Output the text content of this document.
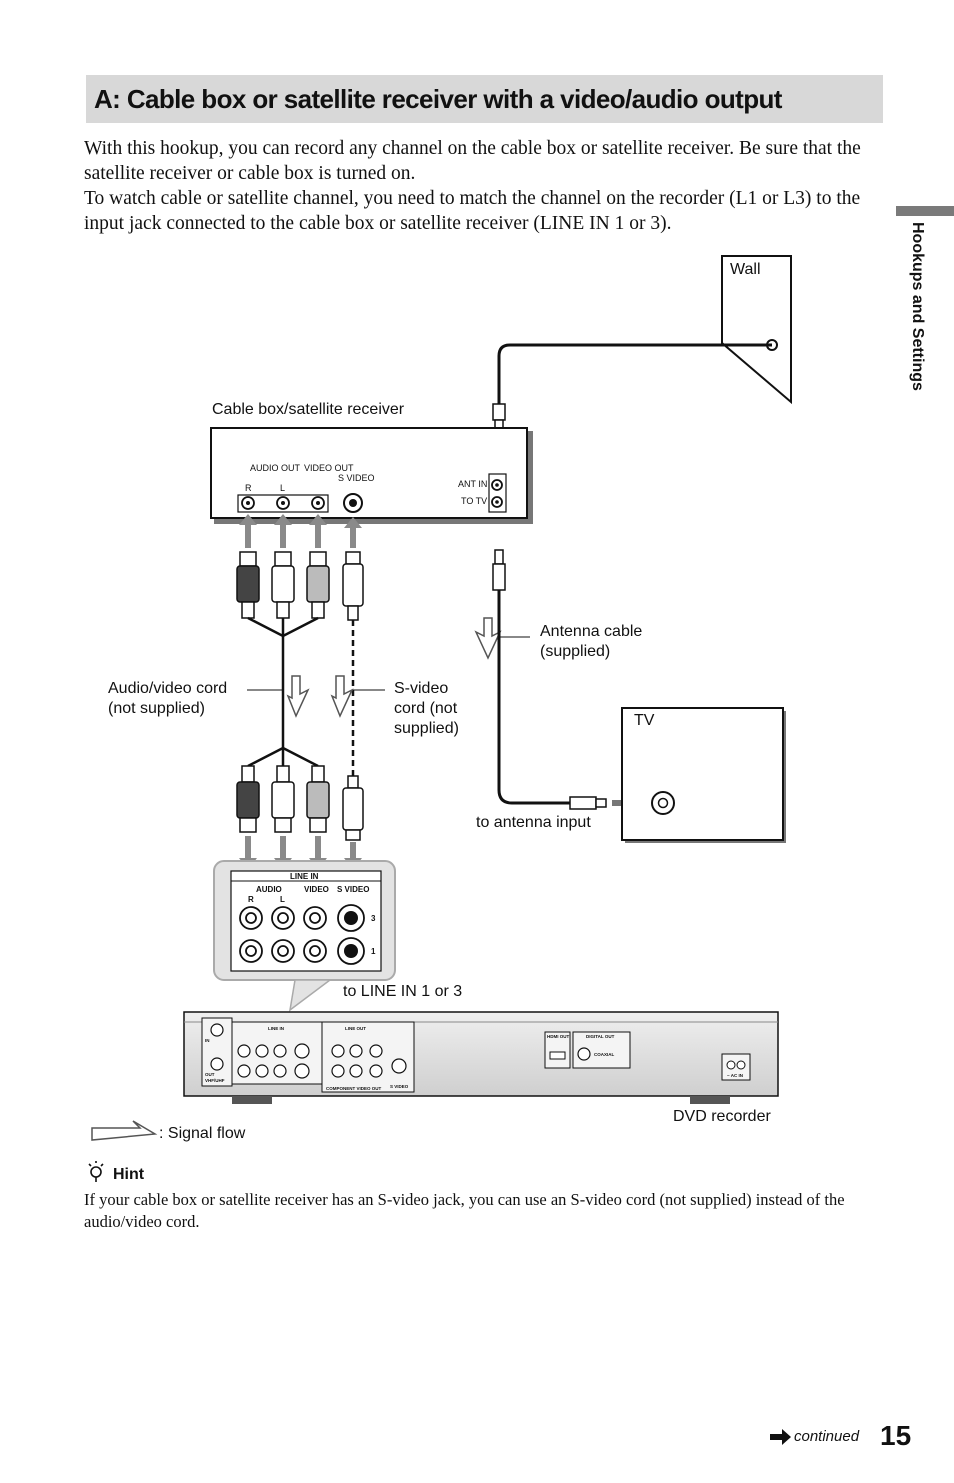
A: Cable box or satellite receiver with a video/audio output

With this hookup, you can record any channel on the cable box or satellite receiver. Be sure that the satellite receiver or cable box is turned on.

To watch cable or satellite channel, you need to match the channel on the recorder (L1 or L3) to the input jack connected to the cable box or satellite receiver (LINE IN 1 or 3).	Hookups and Settings
AUDIO OUT VIDEO OUT
S VIDEO
R	L	ANT IN
TO TV
LINE IN
AUDIO	VIDEO S VIDEO
R	L
3
1
IN
OUT
VHF/UHF
LINE IN	LINE OUT
COMPONENT VIDEO OUT S VIDEO
HDMI OUT	DIGITAL OUT
COAXIAL
~ AC IN
Wall
Cable box/satellite receiver
Antenna cable
(supplied)
Audio/video cord
(not supplied)
S-video
cord (not
supplied)	TV
to antenna input
to LINE IN 1 or 3
DVD recorder
: Signal flow
Hint

If your cable box or satellite receiver has an S-video jack, you can use an S-video cord (not supplied) instead of the audio/video cord.

continued 15
